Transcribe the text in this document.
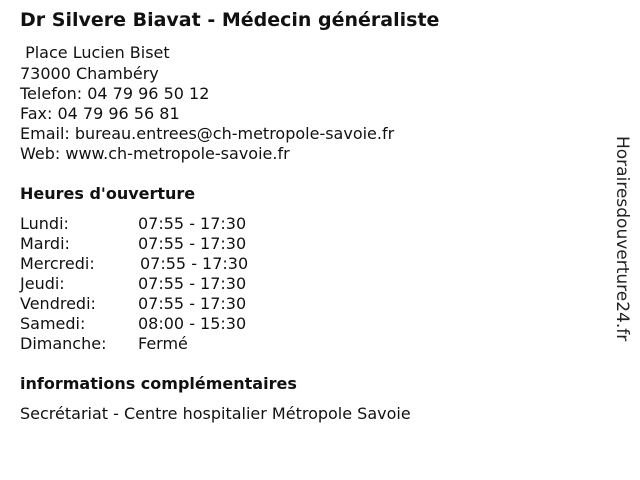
Dr Silvere Biavat - Médecin généraliste
Place Lucien Biset
73000 Chambéry
Telefon: 04 79 96 50 12
Fax: 04 79 96 56 81
Email: bureau.entrees@ch-metropole-savoie.fr
Web: www.ch-metropole-savoie.fr
Heures d'ouverture
Lundi:	07:55 - 17:30
Mardi:	07:55 - 17:30
Mercredi:	07:55 - 17:30
Jeudi:	07:55 - 17:30
Vendredi:	07:55 - 17:30
Samedi:	08:00 - 15:30
Dimanche: Fermé
informations complémentaires
Secrétariat - Centre hospitalier Métropole Savoie
Horairesdouverture24.fr
